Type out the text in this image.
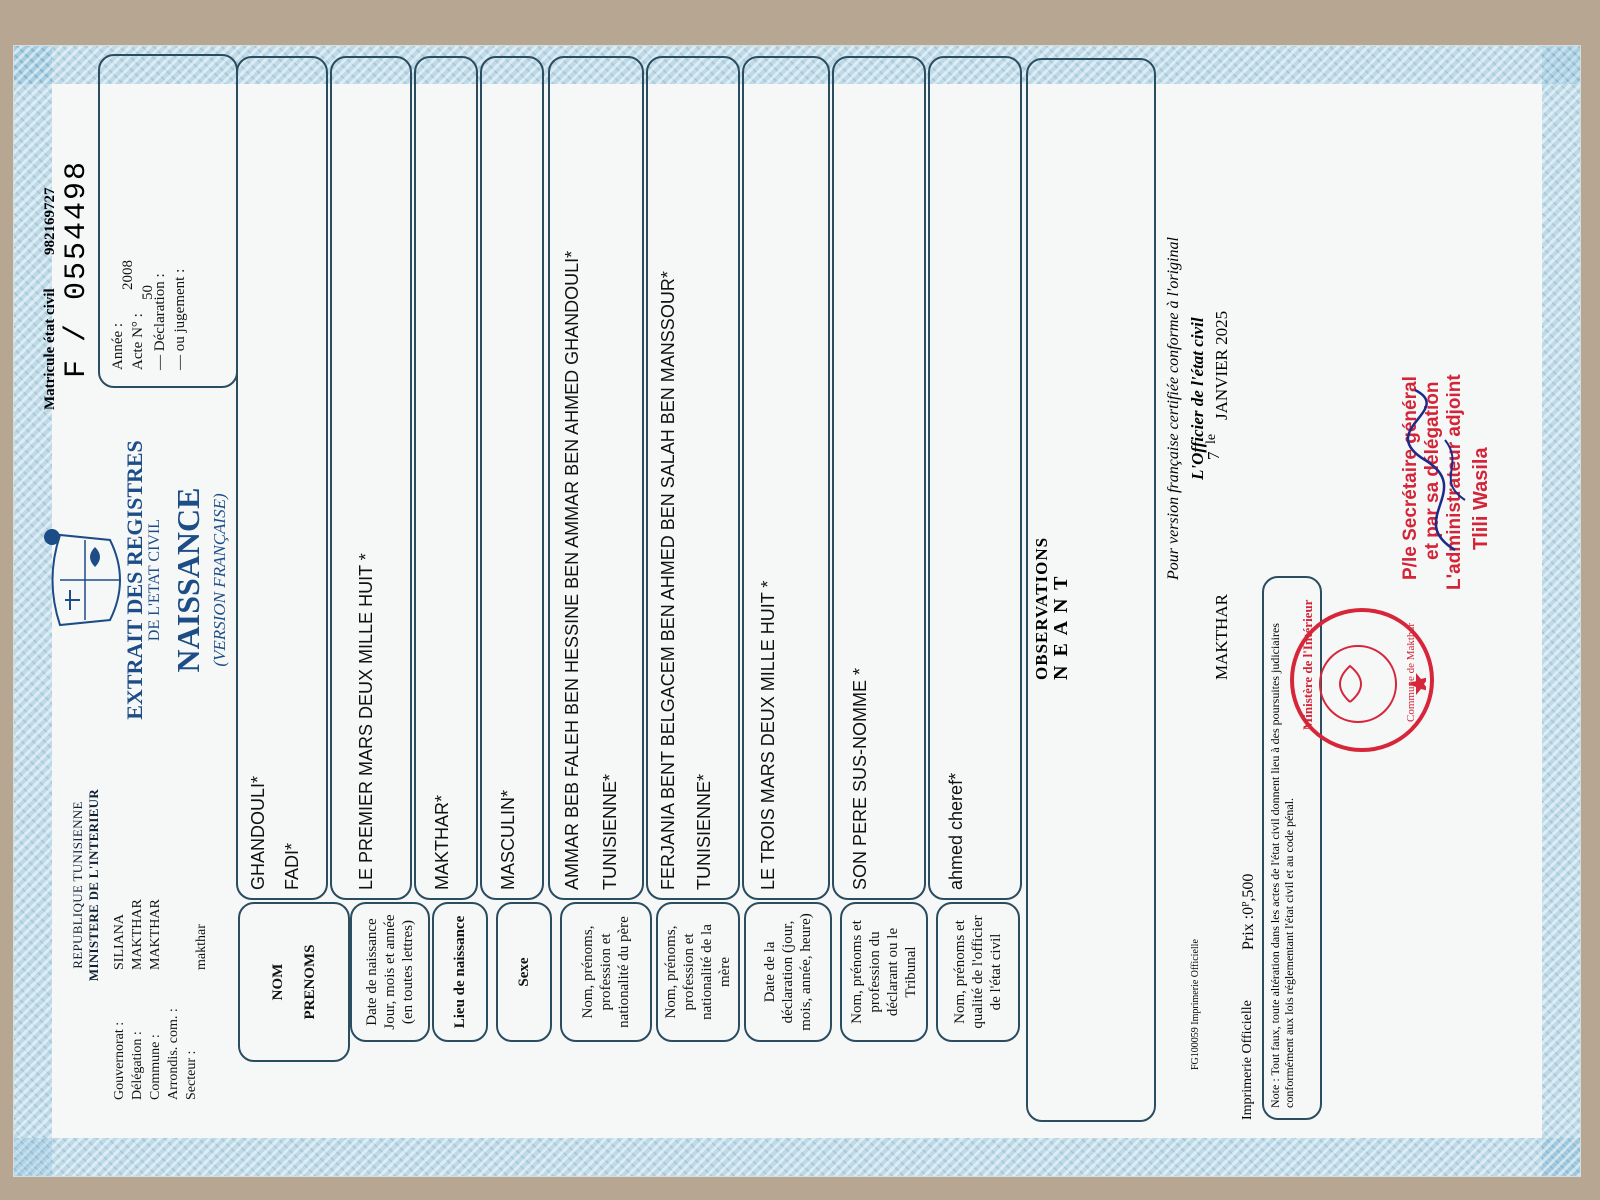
REPUBLIQUE TUNISIENNE MINISTERE DE L'INTERIEUR
Gouvernorat :
SILIANA
Délégation :
MAKTHAR
Commune :
MAKTHAR
Arrondis. com. : Secteur :
makthar
EXTRAIT DES REGISTRES DE L'ETAT CIVIL NAISSANCE (VERSION FRANÇAISE)
Matricule état civil
982169727
F /
0554498
Année :
2008
Acte N° :
50
— Déclaration : — ou jugement :
NOM PRENOMS
GHANDOULI* FADI*
Date de naissance Jour, mois et année (en toutes lettres)
LE PREMIER MARS DEUX MILLE HUIT *
Lieu de naissance
MAKTHAR*
Sexe
MASCULIN*
Nom, prénoms, profession et nationalité du père
AMMAR BEB FALEH BEN HESSINE BEN AMMAR BEN AHMED GHANDOULI* TUNISIENNE*
Nom, prénoms, profession et nationalité de la mère
FERJANIA BENT BELGACEM BEN AHMED BEN SALAH BEN MANSSOUR* TUNISIENNE*
Date de la déclaration (jour, mois, année, heure)
LE TROIS MARS DEUX MILLE HUIT *
Nom, prénoms et profession du déclarant ou le Tribunal
SON PERE SUS-NOMME *
Nom, prénoms et qualité de l'officier de l'état civil
ahmed cheref*
OBSERVATIONS N E A N T
Pour version française certifiée conforme à l'original L'Officier de l'état civil
MAKTHAR
7
le
JANVIER 2025
FG100059 Imprimerie Officielle	Imprimerie Officielle
Prix :0ᴾ,500 Note : Tout faux, toute altération dans les actes de l'état civil donnent lieu à des poursuites judiciaires conformément aux lois réglementant l'état civil et au code pénal.
Ministère de l'Intérieur	Commune de Makthar
P/le Secrétaire général et par sa délégation L'administrateur adjoint Tlili Wasila
